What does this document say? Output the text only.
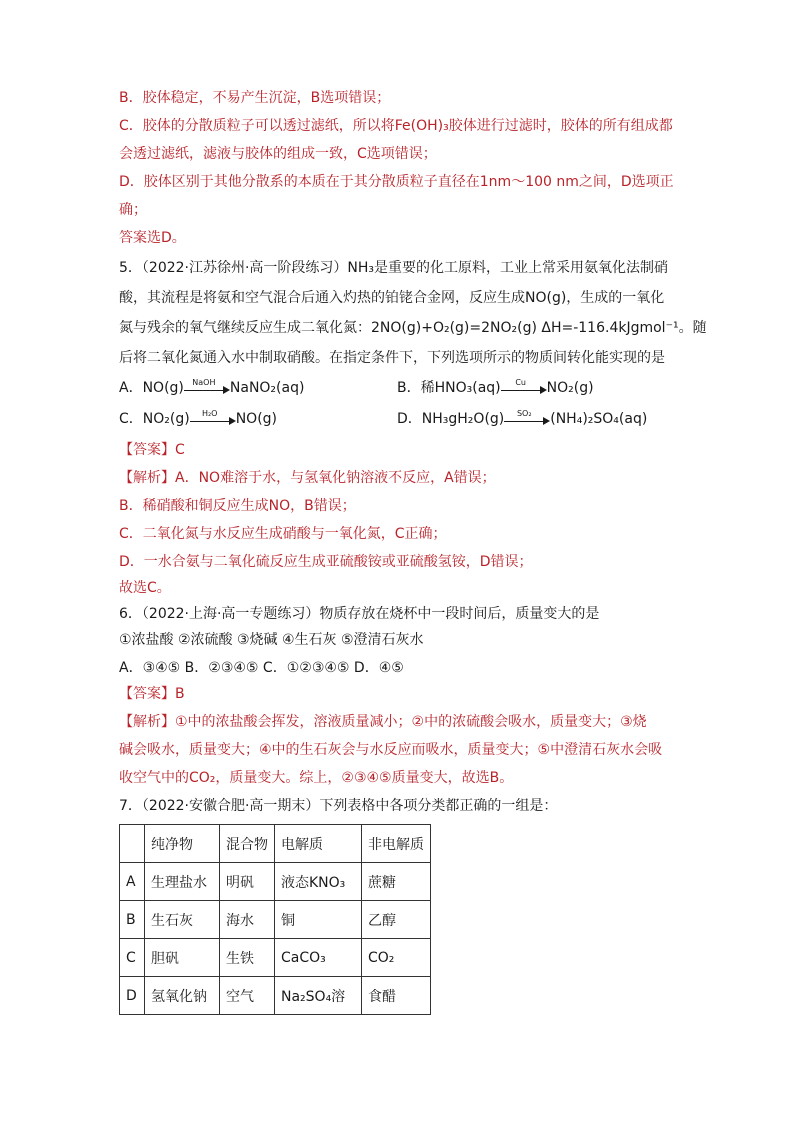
B．胶体稳定，不易产生沉淀，B选项错误；
C．胶体的分散质粒子可以透过滤纸，所以将Fe(OH)₃胶体进行过滤时，胶体的所有组成都
会透过滤纸，滤液与胶体的组成一致，C选项错误；
D．胶体区别于其他分散系的本质在于其分散质粒子直径在1nm～100 nm之间，D选项正
确；
答案选D。
5．（2022·江苏徐州·高一阶段练习）NH₃是重要的化工原料，工业上常采用氨氧化法制硝
酸，其流程是将氨和空气混合后通入灼热的铂铑合金网，反应生成NO(g)，生成的一氧化
氮与残余的氧气继续反应生成二氧化氮：2NO(g)+O₂(g)=2NO₂(g) ΔH=-116.4kJgmol⁻¹。随
后将二氧化氮通入水中制取硝酸。在指定条件下，下列选项所示的物质间转化能实现的是
A．NO(g)	NaOH	NaNO₂(aq)	B．稀HNO₃(aq)	Cu	NO₂(g)
C．NO₂(g)	H₂O	NO(g)	D．NH₃gH₂O(g)	SO₂	(NH₄)₂SO₄(aq)
【答案】C
【解析】A．NO难溶于水，与氢氧化钠溶液不反应，A错误；
B．稀硝酸和铜反应生成NO，B错误；
C．二氧化氮与水反应生成硝酸与一氧化氮，C正确；
D．一水合氨与二氧化硫反应生成亚硫酸铵或亚硫酸氢铵，D错误；
故选C。
6．（2022·上海·高一专题练习）物质存放在烧杯中一段时间后，质量变大的是
①浓盐酸 ②浓硫酸 ③烧碱 ④生石灰 ⑤澄清石灰水
A．③④⑤ B．②③④⑤ C．①②③④⑤ D．④⑤
【答案】B
【解析】①中的浓盐酸会挥发，溶液质量减小；②中的浓硫酸会吸水，质量变大；③烧
碱会吸水，质量变大；④中的生石灰会与水反应而吸水，质量变大；⑤中澄清石灰水会吸
收空气中的CO₂，质量变大。综上，②③④⑤质量变大，故选B。
7．（2022·安徽合肥·高一期末）下列表格中各项分类都正确的一组是：
	纯净物	混合物	电解质	非电解质
A	生理盐水	明矾	液态KNO₃	蔗糖
B	生石灰	海水	铜	乙醇
C	胆矾	生铁	CaCO₃	CO₂
D	氢氧化钠	空气	Na₂SO₄溶	食醋
